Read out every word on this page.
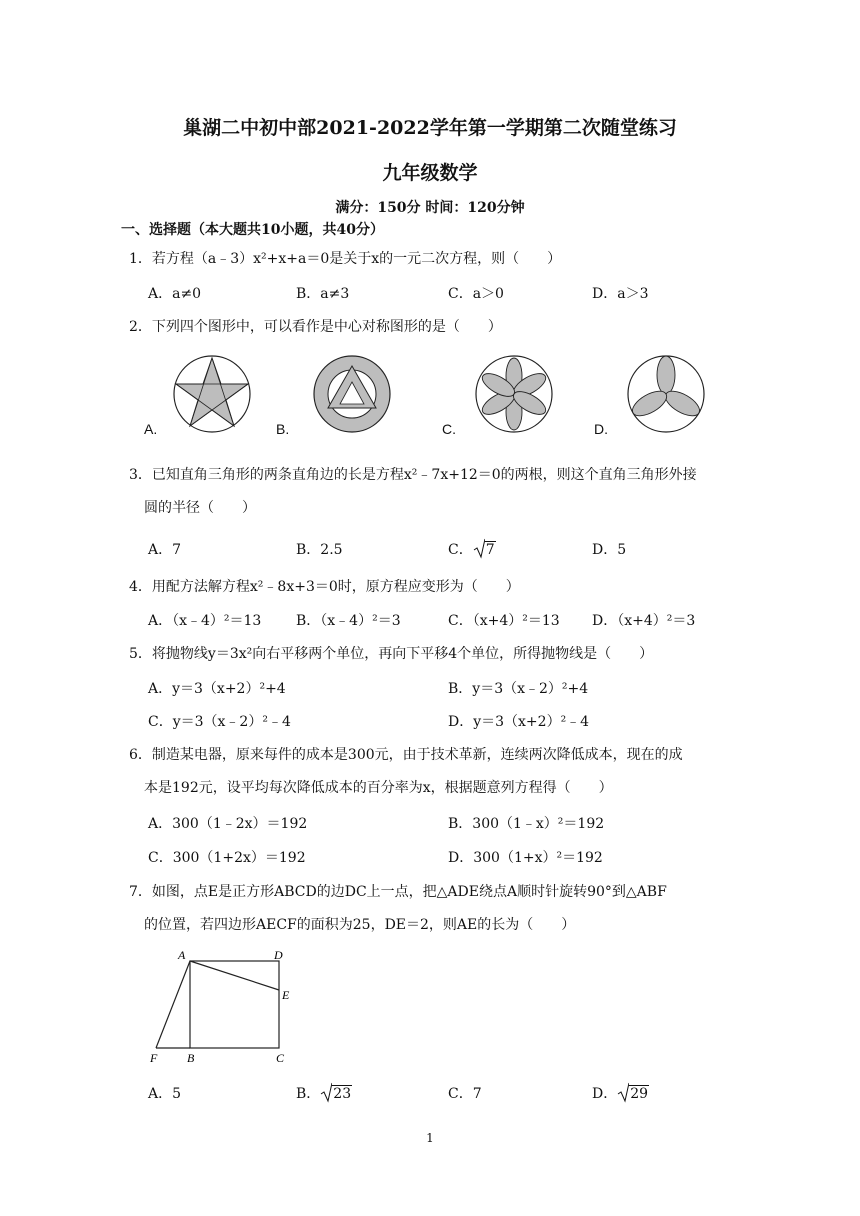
巢湖二中初中部2021-2022学年第一学期第二次随堂练习
九年级数学
满分：150分 时间：120分钟
一、选择题（本大题共10小题，共40分）
1．若方程（a﹣3）x²+x+a＝0是关于x的一元二次方程，则（　　）
A．a≠0	B．a≠3	C．a＞0	D．a＞3
2．下列四个图形中，可以看作是中心对称图形的是（　　）
A.	B.	C.	D.
3．已知直角三角形的两条直角边的长是方程x²﹣7x+12＝0的两根，则这个直角三角形外接
圆的半径（　　）
A．7	B．2.5	C． 7	D．5
4．用配方法解方程x²﹣8x+3＝0时，原方程应变形为（　　）
A．（x﹣4）²＝13 B．（x﹣4）²＝3	C．（x+4）²＝13 D．（x+4）²＝3
5．将抛物线y＝3x²向右平移两个单位，再向下平移4个单位，所得抛物线是（　　）
A．y＝3（x+2）²+4	B．y＝3（x﹣2）²+4
C．y＝3（x﹣2）²﹣4	D．y＝3（x+2）²﹣4
6．制造某电器，原来每件的成本是300元，由于技术革新，连续两次降低成本，现在的成
本是192元，设平均每次降低成本的百分率为x，根据题意列方程得（　　）
A．300（1﹣2x）＝192	B．300（1﹣x）²＝192
C．300（1+2x）＝192	D．300（1+x）²＝192
7．如图，点E是正方形ABCD的边DC上一点，把△ADE绕点A顺时针旋转90°到△ABF
的位置，若四边形AECF的面积为25，DE＝2，则AE的长为（　　）
A	D
E
F B	C
A．5	B． 23	C．7	D． 29
1
